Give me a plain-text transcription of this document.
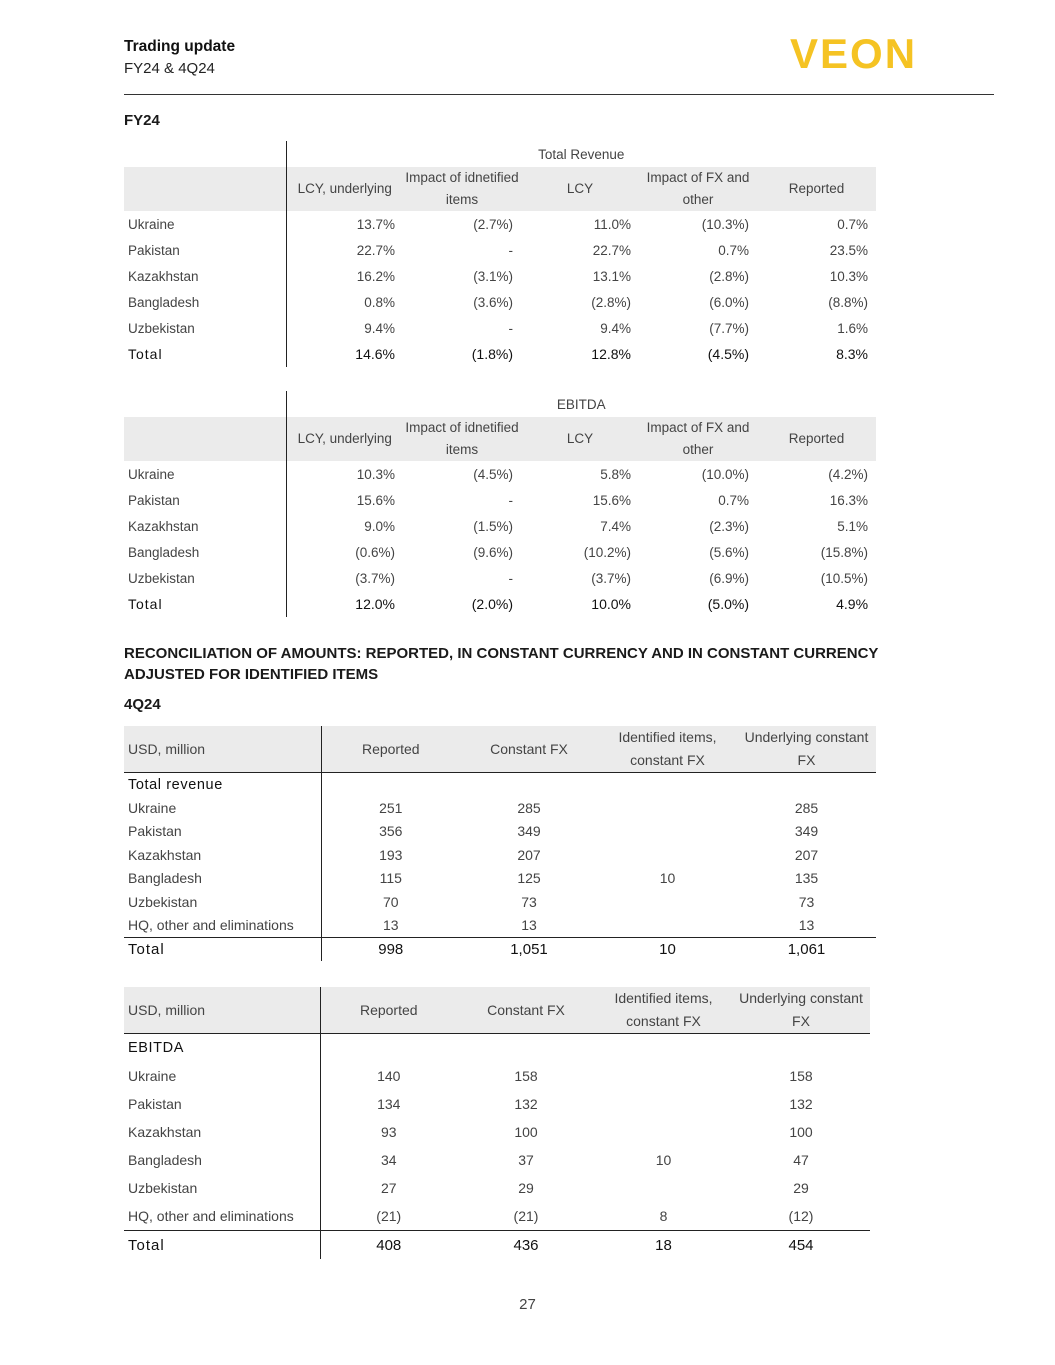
Trading update
FY24 & 4Q24	VEON
FY24
	Total Revenue				
	LCY, underlying	Impact of idnetified items	LCY	Impact of FX and other	Reported
Ukraine	13.7%	(2.7%)	11.0%	(10.3%)	0.7%
Pakistan	22.7%	-	22.7%	0.7%	23.5%
Kazakhstan	16.2%	(3.1%)	13.1%	(2.8%)	10.3%
Bangladesh	0.8%	(3.6%)	(2.8%)	(6.0%)	(8.8%)
Uzbekistan	9.4%	-	9.4%	(7.7%)	1.6%
Total	14.6%	(1.8%)	12.8%	(4.5%)	8.3%
	EBITDA				
	LCY, underlying	Impact of idnetified items	LCY	Impact of FX and other	Reported
Ukraine	10.3%	(4.5%)	5.8%	(10.0%)	(4.2%)
Pakistan	15.6%	-	15.6%	0.7%	16.3%
Kazakhstan	9.0%	(1.5%)	7.4%	(2.3%)	5.1%
Bangladesh	(0.6%)	(9.6%)	(10.2%)	(5.6%)	(15.8%)
Uzbekistan	(3.7%)	-	(3.7%)	(6.9%)	(10.5%)
Total	12.0%	(2.0%)	10.0%	(5.0%)	4.9%
RECONCILIATION OF AMOUNTS: REPORTED, IN CONSTANT CURRENCY AND IN CONSTANT CURRENCY ADJUSTED FOR IDENTIFIED ITEMS
4Q24
USD, million	Reported	Constant FX	Identified items, constant FX	Underlying constant FX
Total revenue				
Ukraine	251	285		285
Pakistan	356	349		349
Kazakhstan	193	207		207
Bangladesh	115	125	10	135
Uzbekistan	70	73		73
HQ, other and eliminations	13	13		13
Total	998	1,051	10	1,061
USD, million	Reported	Constant FX	Identified items, constant FX	Underlying constant FX
EBITDA				
Ukraine	140	158		158
Pakistan	134	132		132
Kazakhstan	93	100		100
Bangladesh	34	37	10	47
Uzbekistan	27	29		29
HQ, other and eliminations	(21)	(21)	8	(12)
Total	408	436	18	454
27
